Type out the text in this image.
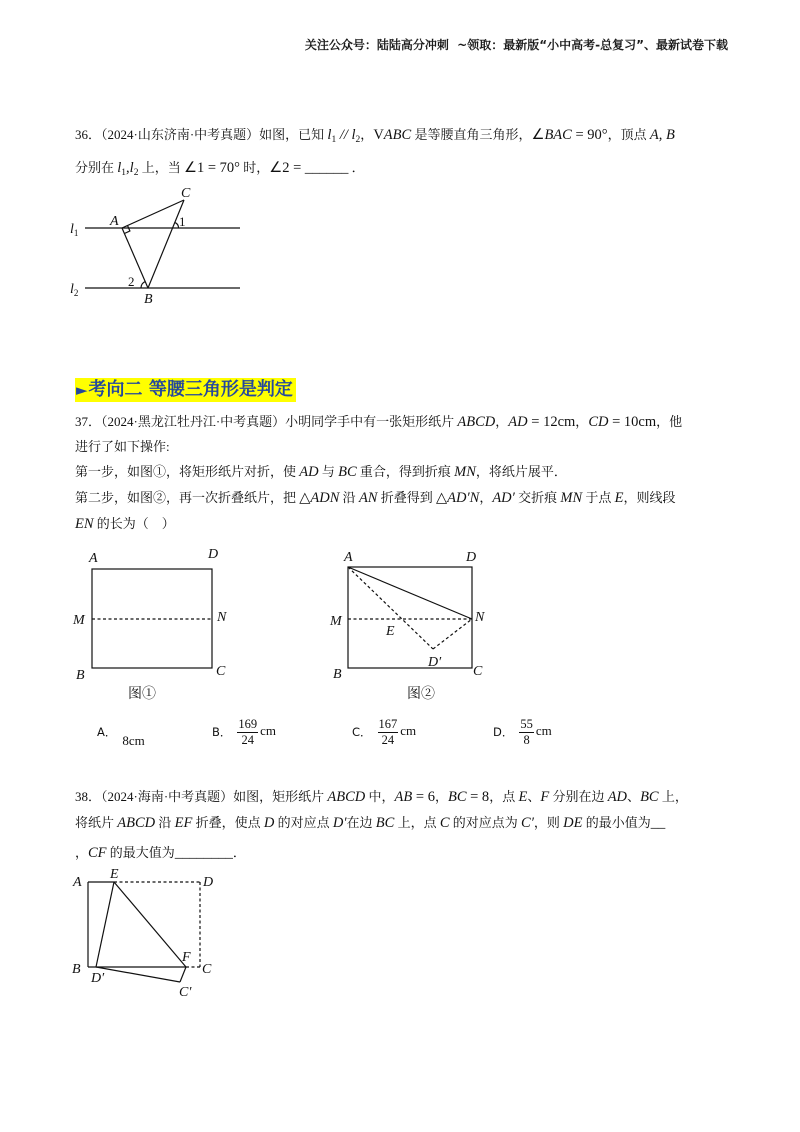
关注公众号：陆陆高分冲刺  ~领取：最新版“小中高考-总复习”、最新试卷下载
36．（2024·山东济南·中考真题）如图，已知 $l_1 // l_2$，VABC 是等腰直角三角形，∠BAC = 90°，顶点 A, B
分别在 $l_1,l_2$ 上，当 ∠1 = 70° 时，∠2 = ______ ．
l1
l2
C
A
B
1
2
►考向二 等腰三角形是判定
37．（2024·黑龙江牡丹江·中考真题）小明同学手中有一张矩形纸片 ABCD，AD = 12cm，CD = 10cm，他
进行了如下操作:
第一步，如图①，将矩形纸片对折，使 AD 与 BC 重合，得到折痕 MN，将纸片展平．
第二步，如图②，再一次折叠纸片，把 △ADN 沿 AN 折叠得到 △AD′N，AD′ 交折痕 MN 于点 E，则线段
EN 的长为（　）
A	D
M	N
B	C
图①
A	D
M	N
B	C
E
D′
图②
A．
8cm
B． $\frac{169}{24}$ cm	C． $\frac{167}{24}$ cm	D． $\frac{55}{8}$ cm
38．（2024·海南·中考真题）如图，矩形纸片 ABCD 中，AB = 6，BC = 8，点 E、F 分别在边 AD、BC 上，
将纸片 ABCD 沿 EF 折叠，使点 D 的对应点 D′在边 BC 上，点 C 的对应点为 C′，则 DE 的最小值为__
，CF 的最大值为________．
A
E
D
B
D′
F
C
C′
